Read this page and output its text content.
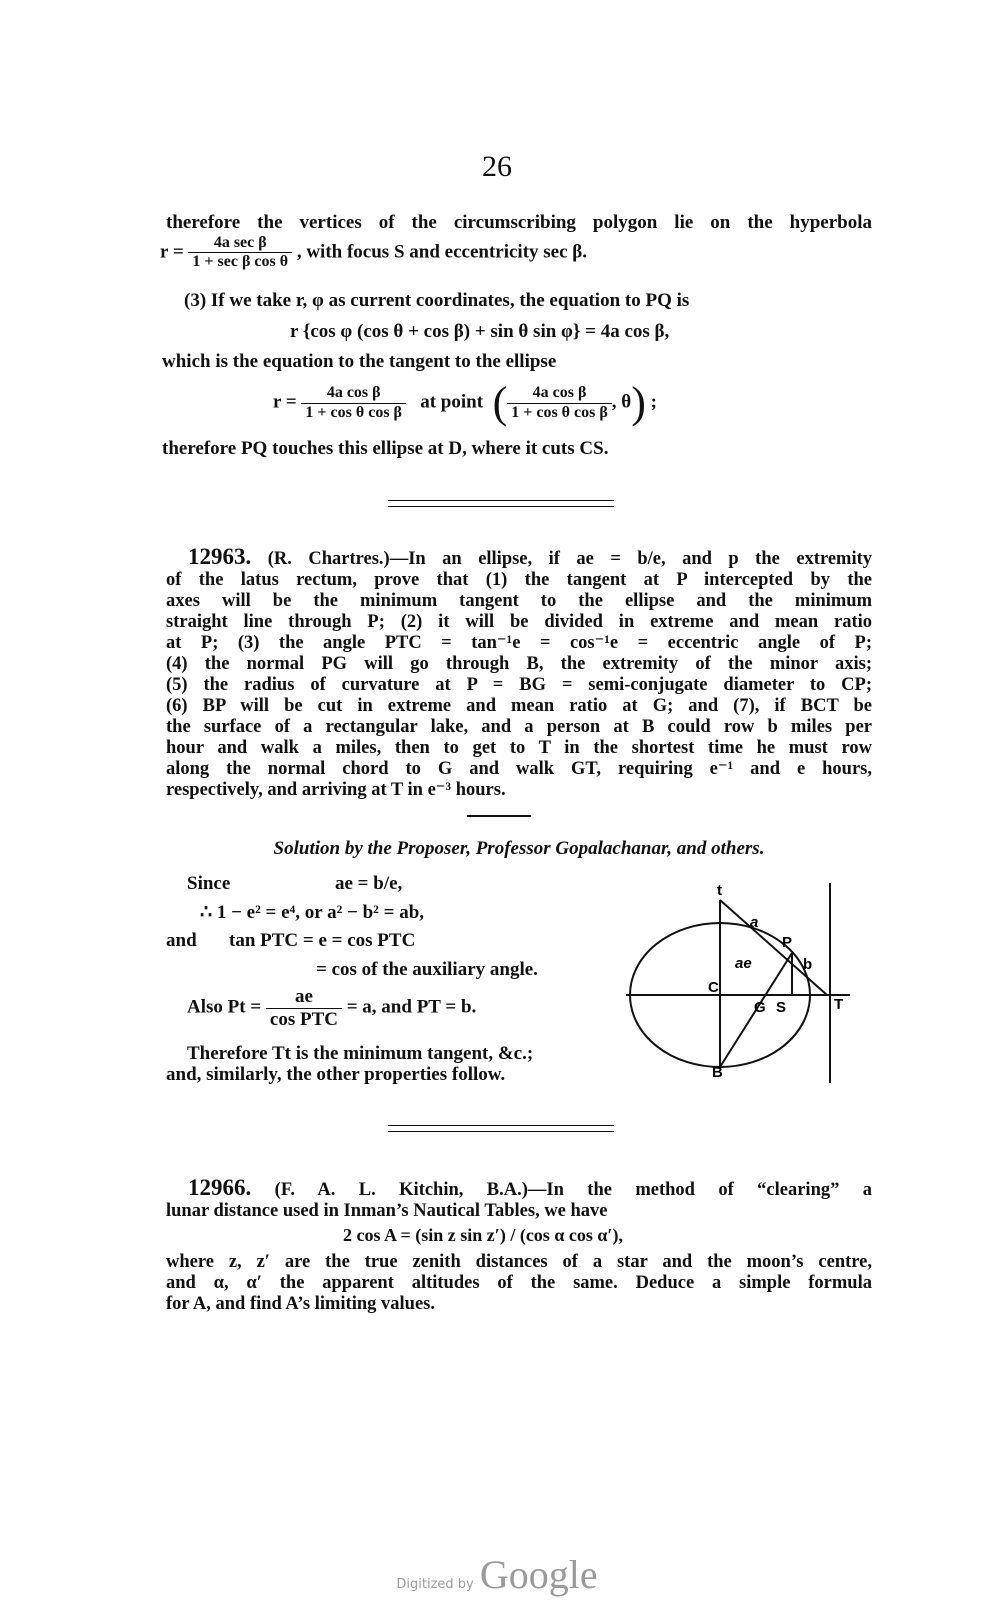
26
therefore the vertices of the circumscribing polygon lie on the hyperbola
$r = \frac{\text{4a sec β}}{\text{1 + sec β cos θ}}$ , with focus S and eccentricity sec β.
(3) If we take r, φ as current coordinates, the equation to PQ is
r {cos φ (cos θ + cos β) + sin θ sin φ} = 4a cos β,
which is the equation to the tangent to the ellipse
$r = \frac{\text{4a cos β}}{\text{1 + cos θ cos β}}$ at point ( $\frac{\text{4a cos β}}{\text{1 + cos θ cos β}}$ , θ) ;
therefore PQ touches this ellipse at D, where it cuts CS.
12963. (R. Chartres.)—In an ellipse, if ae = b/e, and p the extremity
of the latus rectum, prove that (1) the tangent at P intercepted by the
axes will be the minimum tangent to the ellipse and the minimum
straight line through P; (2) it will be divided in extreme and mean ratio
at P; (3) the angle PTC = tan⁻¹e = cos⁻¹e = eccentric angle of P;
(4) the normal PG will go through B, the extremity of the minor axis;
(5) the radius of curvature at P = BG = semi-conjugate diameter to CP;
(6) BP will be cut in extreme and mean ratio at G; and (7), if BCT be
the surface of a rectangular lake, and a person at B could row b miles per
hour and walk a miles, then to get to T in the shortest time he must row
along the normal chord to G and walk GT, requiring e⁻¹ and e hours,
respectively, and arriving at T in e⁻³ hours.
Solution by the Proposer, Professor Gopalachanar, and others.
Since	ae = b/e,
∴ 1 − e² = e⁴, or a² − b² = ab,
and tan PTC = e = cos PTC
= cos of the auxiliary angle.
Also $Pt = \frac{ae}{\text{cos PTC}} = a$, and PT = b.
Therefore Tt is the minimum tangent, &c.;
and, similarly, the other properties follow.
t
a
P
ae	b
C
G S	T
B
12966. (F. A. L. Kitchin, B.A.)—In the method of “clearing” a
lunar distance used in Inman’s Nautical Tables, we have
2 cos A = (sin z sin z′) / (cos α cos α′),
where z, z′ are the true zenith distances of a star and the moon’s centre,
and α, α′ the apparent altitudes of the same. Deduce a simple formula
for A, and find A’s limiting values.
Digitized by Google
